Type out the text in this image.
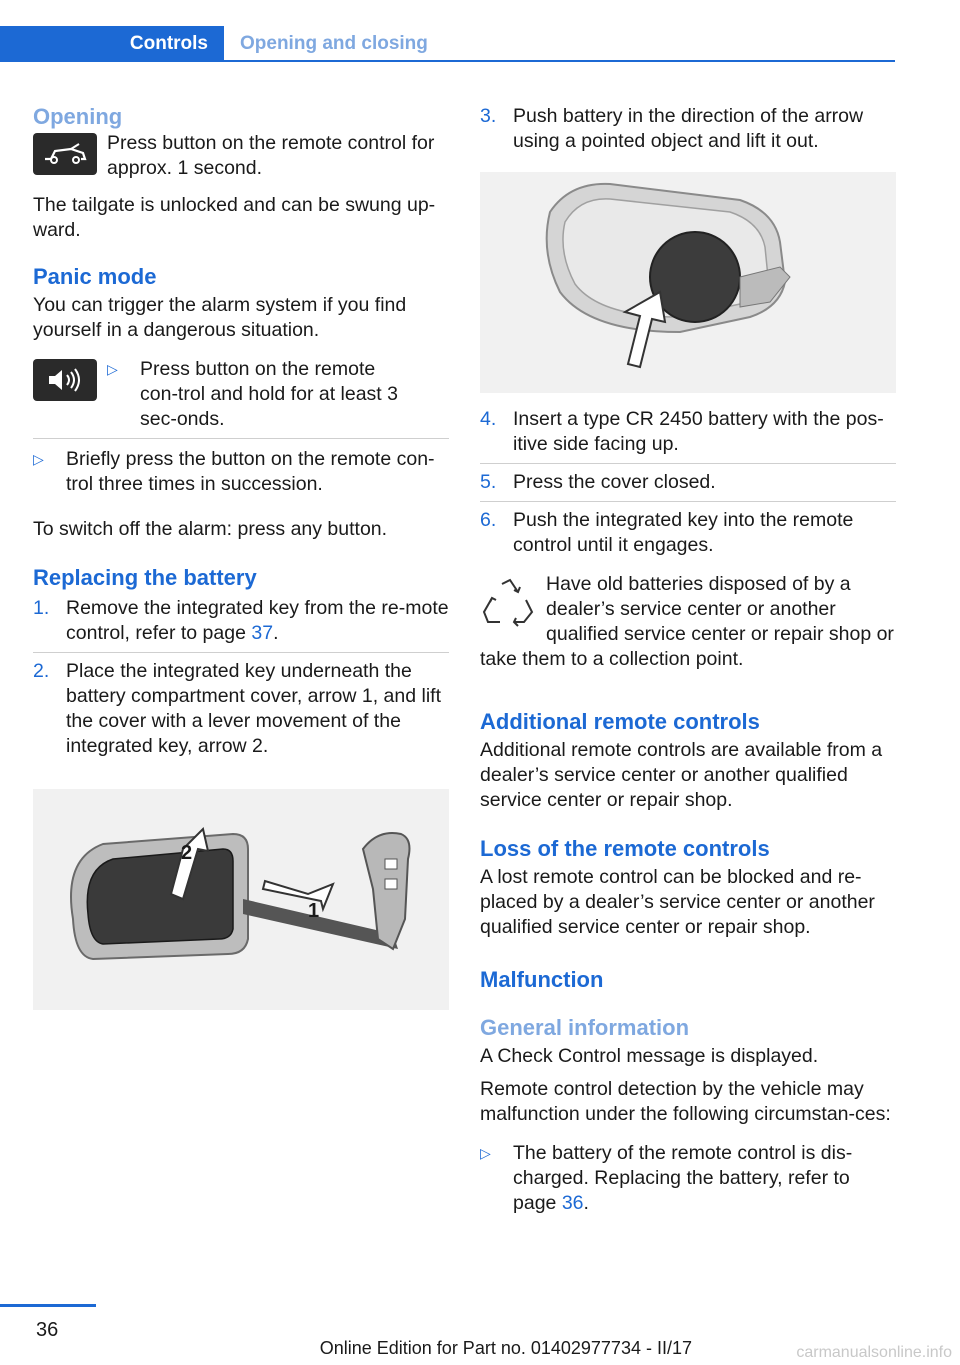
Controls	Opening and closing
Opening

Press button on the remote control for approx. 1 second.

The tailgate is unlocked and can be swung up-ward.

Panic mode

You can trigger the alarm system if you find yourself in a dangerous situation.

▷	Press button on the remote con-trol and hold for at least 3 sec-onds.

▷	Briefly press the button on the remote con-trol three times in succession.

To switch off the alarm: press any button.

Replacing the battery
1. Remove the integrated key from the re-mote control, refer to page 37.

2. Place the integrated key underneath the battery compartment cover, arrow 1, and lift the cover with a lever movement of the integrated key, arrow 2.

2
1
3. Push battery in the direction of the arrow using a pointed object and lift it out.

4. Insert a type CR 2450 battery with the pos-itive side facing up.

5. Press the cover closed.

6. Push the integrated key into the remote control until it engages.

Have old batteries disposed of by a dealer’s service center or another qualified service center or repair shop or take them to a collection point.

Additional remote controls

Additional remote controls are available from a dealer’s service center or another qualified service center or repair shop.

Loss of the remote controls

A lost remote control can be blocked and re-placed by a dealer’s service center or another qualified service center or repair shop.

Malfunction
General information

A Check Control message is displayed.

Remote control detection by the vehicle may malfunction under the following circumstan-ces:

▷	The battery of the remote control is dis-charged. Replacing the battery, refer to page 36.

36
Online Edition for Part no. 01402977734 - II/17	carmanualsonline.info
